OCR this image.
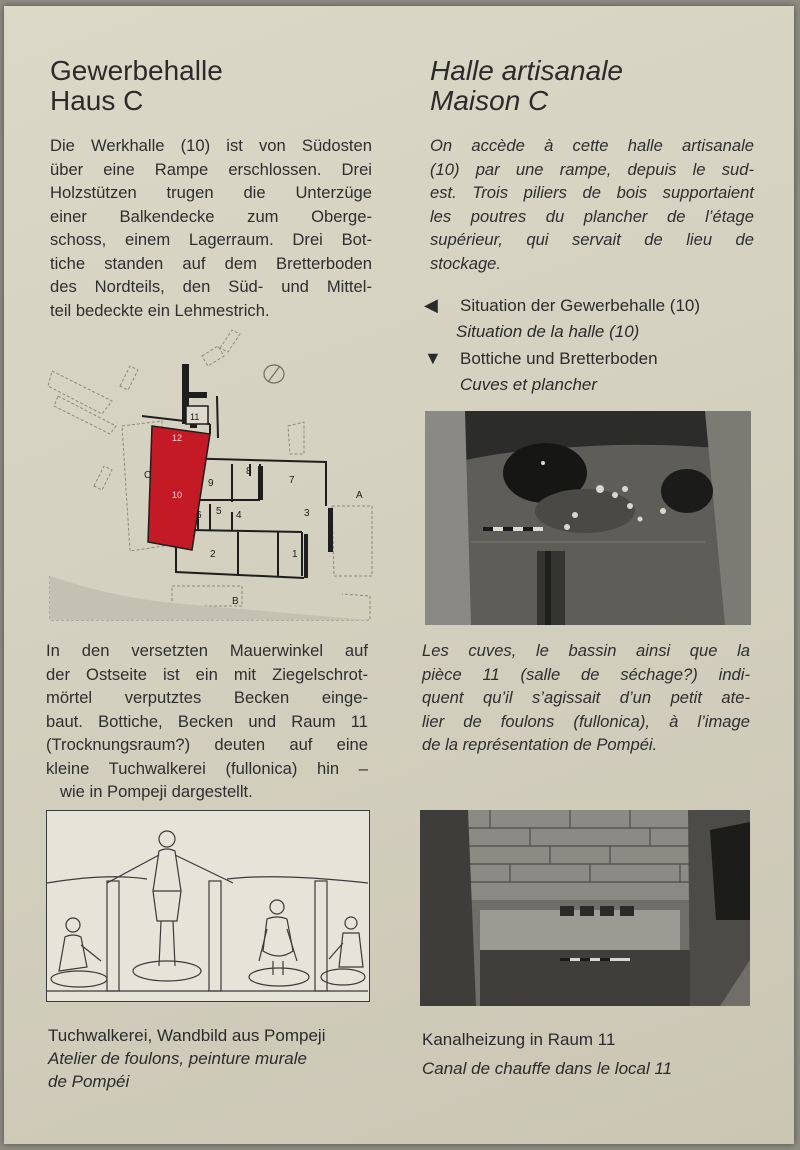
Gewerbehalle
Haus C
Halle artisanale
Maison C
Die Werkhalle (10) ist von Südosten
über eine Rampe erschlossen. Drei
Holzstützen trugen die Unterzüge
einer Balkendecke zum Oberge-
schoss, einem Lagerraum. Drei Bot-
tiche standen auf dem Bretterboden
des Nordteils, den Süd- und Mittel-
teil bedeckte ein Lehmestrich.
On accède à cette halle artisanale
(10) par une rampe, depuis le sud-
est. Trois piliers de bois supportaient
les poutres du plancher de l’étage
supérieur, qui servait de lieu de
stockage.
◀ Situation der Gewerbehalle (10)
Situation de la halle (10)
▼ Bottiche und Bretterboden
Cuves et plancher
1
2
3
4
5
6
7
8
9
10
11
12
A
B
C
In den versetzten Mauerwinkel auf
der Ostseite ist ein mit Ziegelschrot-
mörtel verputztes Becken einge-
baut. Bottiche, Becken und Raum 11
(Trocknungsraum?) deuten auf eine
kleine Tuchwalkerei (fullonica) hin –
wie in Pompeji dargestellt.
Les cuves, le bassin ainsi que la
pièce 11 (salle de séchage?) indi-
quent qu’il s’agissait d’un petit ate-
lier de foulons (fullonica), à l’image
de la représentation de Pompéi.
Tuchwalkerei, Wandbild aus Pompeji
Atelier de foulons, peinture murale
de Pompéi
Kanalheizung in Raum 11
Canal de chauffe dans le local 11
